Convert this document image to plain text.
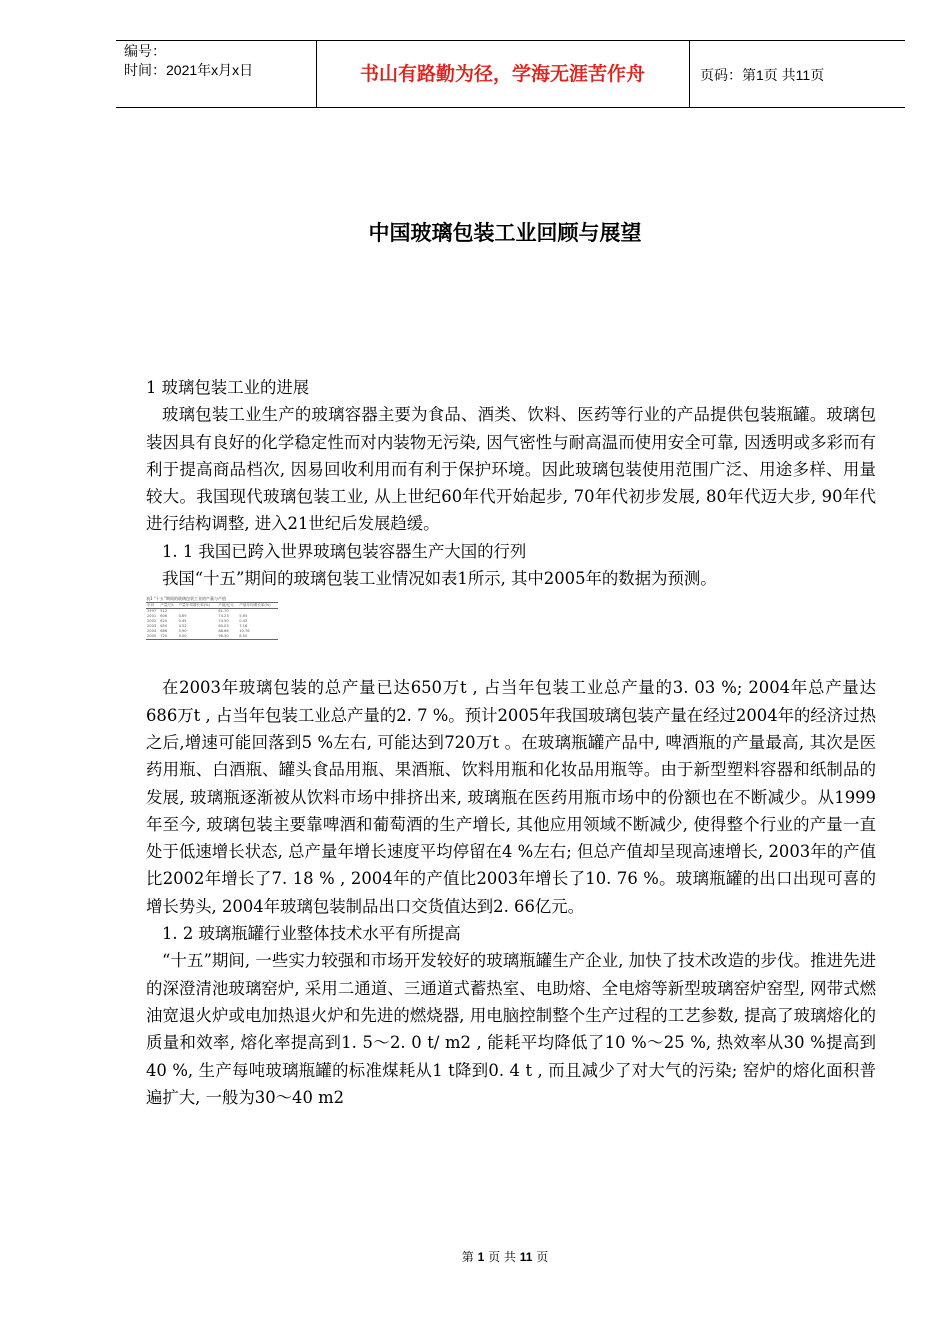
编号：
时间：2021年x月x日	书山有路勤为径，学海无涯苦作舟	页码：第1页 共11页
中国玻璃包装工业回顾与展望

1 玻璃包装工业的进展

玻璃包装工业生产的玻璃容器主要为食品、酒类、饮料、医药等行业的产品提供包装瓶罐。玻璃包装因具有良好的化学稳定性而对内装物无污染, 因气密性与耐高温而使用安全可靠, 因透明或多彩而有利于提高商品档次, 因易回收利用而有利于保护环境。因此玻璃包装使用范围广泛、用途多样、用量较大。我国现代玻璃包装工业, 从上世纪60年代开始起步, 70年代初步发展, 80年代迈大步, 90年代进行结构调整, 进入21世纪后发展趋缓。

1. 1 我国已跨入世界玻璃包装容器生产大国的行列

我国“十五”期间的玻璃包装工业情况如表1所示, 其中2005年的数据为预测。

表1 “十五”期间的玻璃包装工业的产量与产值
年份	产量/万t	产量年均增长率(%)	产值/亿元	产值年均增长率(%)
1997	512		61.70	
2001	606	0.69	74.23	5.65
2002	620	0.45	74.50	0.45
2003	650	4.52	80.03	7.18
2004	686	5.90	88.66	10.76
2005	720	5.00	96.30	8.50

在2003年玻璃包装的总产量已达650万t , 占当年包装工业总产量的3. 03 %; 2004年总产量达686万t , 占当年包装工业总产量的2. 7 %。预计2005年我国玻璃包装产量在经过2004年的经济过热之后,增速可能回落到5 %左右, 可能达到720万t 。在玻璃瓶罐产品中, 啤酒瓶的产量最高, 其次是医药用瓶、白酒瓶、罐头食品用瓶、果酒瓶、饮料用瓶和化妆品用瓶等。由于新型塑料容器和纸制品的发展, 玻璃瓶逐渐被从饮料市场中排挤出来, 玻璃瓶在医药用瓶市场中的份额也在不断减少。从1999年至今, 玻璃包装主要靠啤酒和葡萄酒的生产增长, 其他应用领域不断减少, 使得整个行业的产量一直处于低速增长状态, 总产量年增长速度平均停留在4 %左右; 但总产值却呈现高速增长, 2003年的产值比2002年增长了7. 18 % , 2004年的产值比2003年增长了10. 76 %。玻璃瓶罐的出口出现可喜的增长势头, 2004年玻璃包装制品出口交货值达到2. 66亿元。

1. 2 玻璃瓶罐行业整体技术水平有所提高

“十五”期间, 一些实力较强和市场开发较好的玻璃瓶罐生产企业, 加快了技术改造的步伐。推进先进的深澄清池玻璃窑炉, 采用二通道、三通道式蓄热室、电助熔、全电熔等新型玻璃窑炉窑型, 网带式燃油宽退火炉或电加热退火炉和先进的燃烧器, 用电脑控制整个生产过程的工艺参数, 提高了玻璃熔化的质量和效率, 熔化率提高到1. 5～2. 0 t/ m2 , 能耗平均降低了10 %～25 %, 热效率从30 %提高到40 %, 生产每吨玻璃瓶罐的标准煤耗从1 t降到0. 4 t , 而且减少了对大气的污染; 窑炉的熔化面积普遍扩大, 一般为30～40 m2

第 1 页 共 11 页
